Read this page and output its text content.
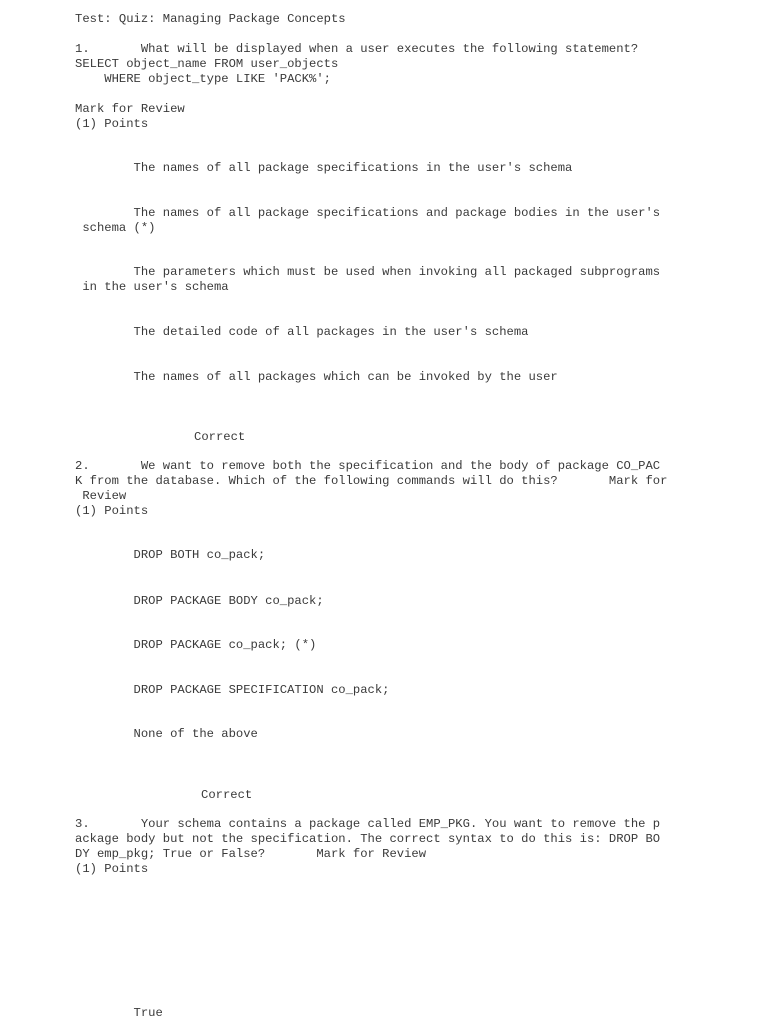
Test: Quiz: Managing Package Concepts
1.       What will be displayed when a user executes the following statement?
SELECT object_name FROM user_objects
WHERE object_type LIKE 'PACK%';
Mark for Review
(1) Points
The names of all package specifications in the user's schema
The names of all package specifications and package bodies in the user's
schema (*)
The parameters which must be used when invoking all packaged subprograms
in the user's schema
The detailed code of all packages in the user's schema
The names of all packages which can be invoked by the user
Correct
2.       We want to remove both the specification and the body of package CO_PAC
K from the database. Which of the following commands will do this?       Mark for
Review
(1) Points
DROP BOTH co_pack;
DROP PACKAGE BODY co_pack;
DROP PACKAGE co_pack; (*)
DROP PACKAGE SPECIFICATION co_pack;
None of the above
Correct
3.       Your schema contains a package called EMP_PKG. You want to remove the p
ackage body but not the specification. The correct syntax to do this is: DROP BO
DY emp_pkg; True or False?       Mark for Review
(1) Points
True
